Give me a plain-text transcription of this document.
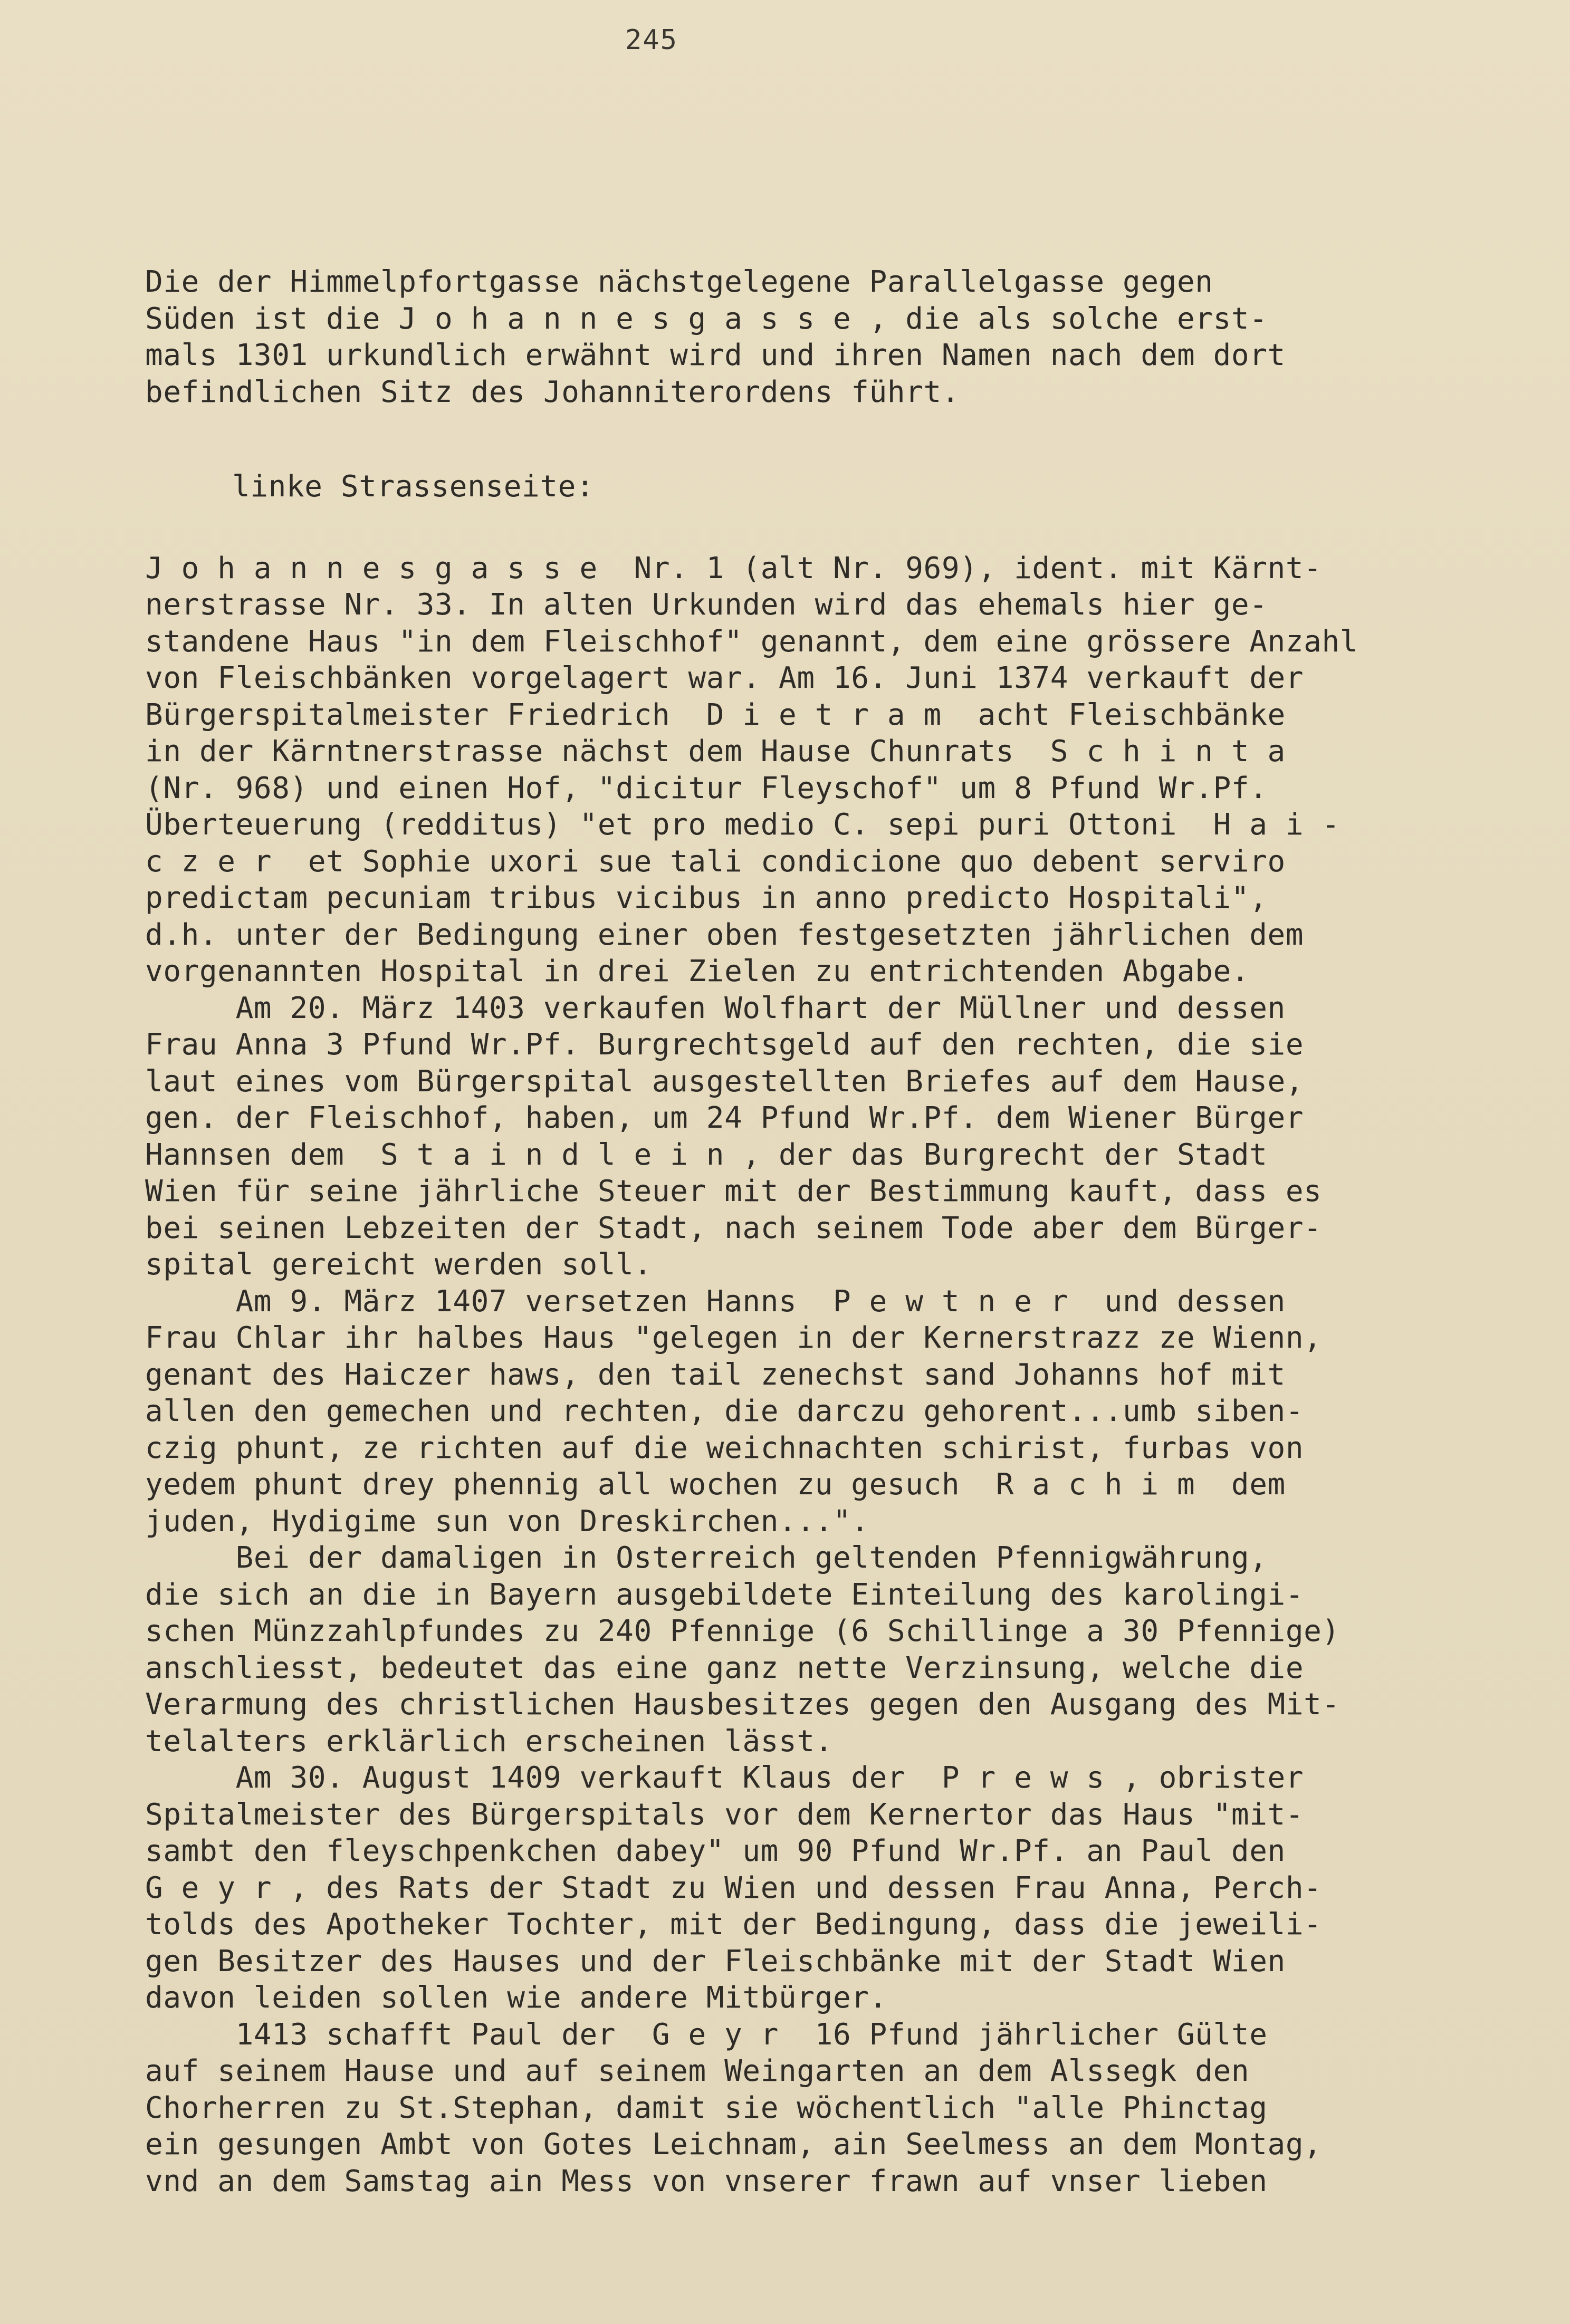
245
Die der Himmelpfortgasse nächstgelegene Parallelgasse gegen
Süden ist die J o h a n n e s g a s s e , die als solche erst-
mals 1301 urkundlich erwähnt wird und ihren Namen nach dem dort
befindlichen Sitz des Johanniterordens führt.
linke Strassenseite:
J o h a n n e s g a s s e  Nr. 1 (alt Nr. 969), ident. mit Kärnt-
nerstrasse Nr. 33. In alten Urkunden wird das ehemals hier ge-
standene Haus "in dem Fleischhof" genannt, dem eine grössere Anzahl
von Fleischbänken vorgelagert war. Am 16. Juni 1374 verkauft der
Bürgerspitalmeister Friedrich  D i e t r a m  acht Fleischbänke
in der Kärntnerstrasse nächst dem Hause Chunrats  S c h i n t a
(Nr. 968) und einen Hof, "dicitur Fleyschof" um 8 Pfund Wr.Pf.
Überteuerung (redditus) "et pro medio C. sepi puri Ottoni  H a i -
c z e r  et Sophie uxori sue tali condicione quo debent serviro
predictam pecuniam tribus vicibus in anno predicto Hospitali",
d.h. unter der Bedingung einer oben festgesetzten jährlichen dem
vorgenannten Hospital in drei Zielen zu entrichtenden Abgabe.
Am 20. März 1403 verkaufen Wolfhart der Müllner und dessen
Frau Anna 3 Pfund Wr.Pf. Burgrechtsgeld auf den rechten, die sie
laut eines vom Bürgerspital ausgestellten Briefes auf dem Hause,
gen. der Fleischhof, haben, um 24 Pfund Wr.Pf. dem Wiener Bürger
Hannsen dem  S t a i n d l e i n , der das Burgrecht der Stadt
Wien für seine jährliche Steuer mit der Bestimmung kauft, dass es
bei seinen Lebzeiten der Stadt, nach seinem Tode aber dem Bürger-
spital gereicht werden soll.
Am 9. März 1407 versetzen Hanns  P e w t n e r  und dessen
Frau Chlar ihr halbes Haus "gelegen in der Kernerstrazz ze Wienn,
genant des Haiczer haws, den tail zenechst sand Johanns hof mit
allen den gemechen und rechten, die darczu gehorent...umb siben-
czig phunt, ze richten auf die weichnachten schirist, furbas von
yedem phunt drey phennig all wochen zu gesuch  R a c h i m  dem
juden, Hydigime sun von Dreskirchen...".
Bei der damaligen in Osterreich geltenden Pfennigwährung,
die sich an die in Bayern ausgebildete Einteilung des karolingi-
schen Münzzahlpfundes zu 240 Pfennige (6 Schillinge a 30 Pfennige)
anschliesst, bedeutet das eine ganz nette Verzinsung, welche die
Verarmung des christlichen Hausbesitzes gegen den Ausgang des Mit-
telalters erklärlich erscheinen lässt.
Am 30. August 1409 verkauft Klaus der  P r e w s , obrister
Spitalmeister des Bürgerspitals vor dem Kernertor das Haus "mit-
sambt den fleyschpenkchen dabey" um 90 Pfund Wr.Pf. an Paul den
G e y r , des Rats der Stadt zu Wien und dessen Frau Anna, Perch-
tolds des Apotheker Tochter, mit der Bedingung, dass die jeweili-
gen Besitzer des Hauses und der Fleischbänke mit der Stadt Wien
davon leiden sollen wie andere Mitbürger.
1413 schafft Paul der  G e y r  16 Pfund jährlicher Gülte
auf seinem Hause und auf seinem Weingarten an dem Alssegk den
Chorherren zu St.Stephan, damit sie wöchentlich "alle Phinctag
ein gesungen Ambt von Gotes Leichnam, ain Seelmess an dem Montag,
vnd an dem Samstag ain Mess von vnserer frawn auf vnser lieben
